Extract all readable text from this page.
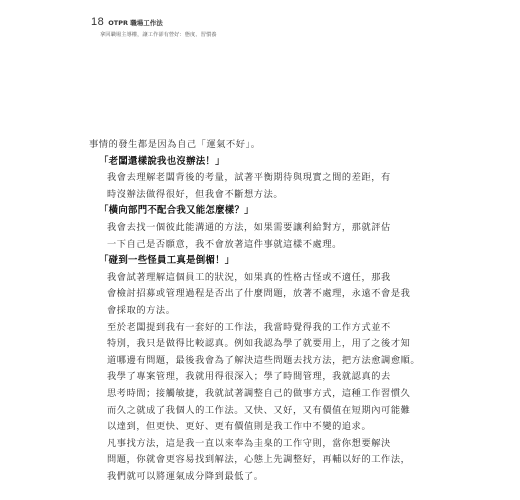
18 OTPR 職場工作法
拿回職場主導權，讓工作卻有營好：態度、習慣養

事情的發生都是因為自己「運氣不好」。

「老闆還樣說我也沒辦法！」

我會去理解老闆背後的考量，試著平衡期待與現實之間的差距，有
時沒辦法做得很好，但我會不斷想方法。

「橫向部門不配合我又能怎麼樣？」

我會去找一個彼此能溝通的方法，如果需要讓利給對方，那就評估
一下自己是否願意，我不會放著這件事就這樣不處理。

「碰到一些怪員工真是倒楣！」

我會試著理解這個員工的狀況，如果真的性格古怪或不適任，那我
會檢討招募或管理過程是否出了什麼問題，放著不處理，永遠不會是我
會採取的方法。

至於老闆提到我有一套好的工作法，我當時覺得我的工作方式並不
特別，我只是做得比較認真。例如我認為學了就要用上，用了之後才知
道哪邊有問題，最後我會為了解決這些問題去找方法，把方法愈調愈順。

我學了專案管理，我就用得很深入；學了時間管理，我就認真的去
思考時間；接觸敏捷，我就試著調整自己的做事方式，這種工作習慣久
而久之就成了我個人的工作法。又快、又好，又有價值在短期內可能難
以達到，但更快、更好、更有價值則是我工作中不變的追求。

凡事找方法，這是我一直以來奉為圭臬的工作守則，當你想要解決
問題，你就會更容易找到解法，心態上先調整好，再輔以好的工作法，
我們就可以將運氣成分降到最低了。
